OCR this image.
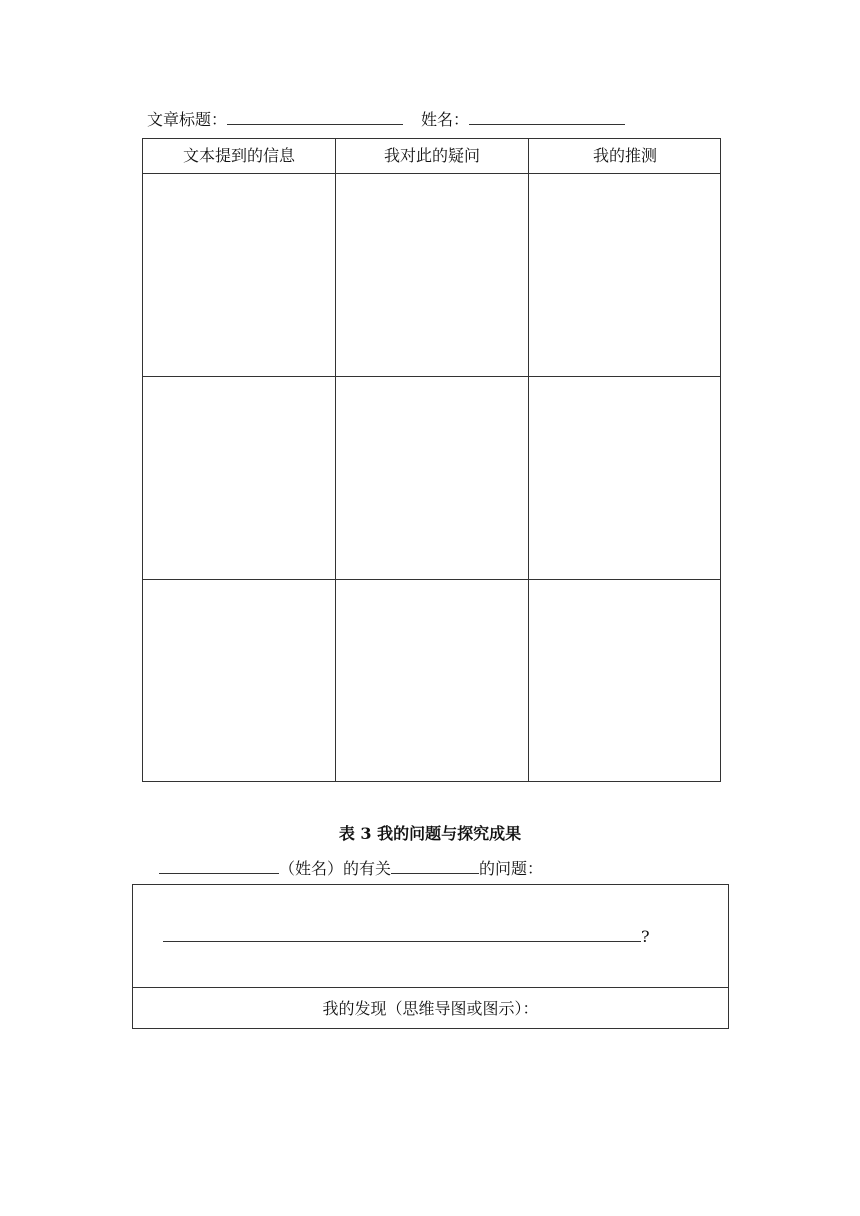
文章标题：	姓名：
文本提到的信息	我对此的疑问	我的推测
表 3 我的问题与探究成果
（姓名）的有关	的问题：
?
我的发现（思维导图或图示）：
